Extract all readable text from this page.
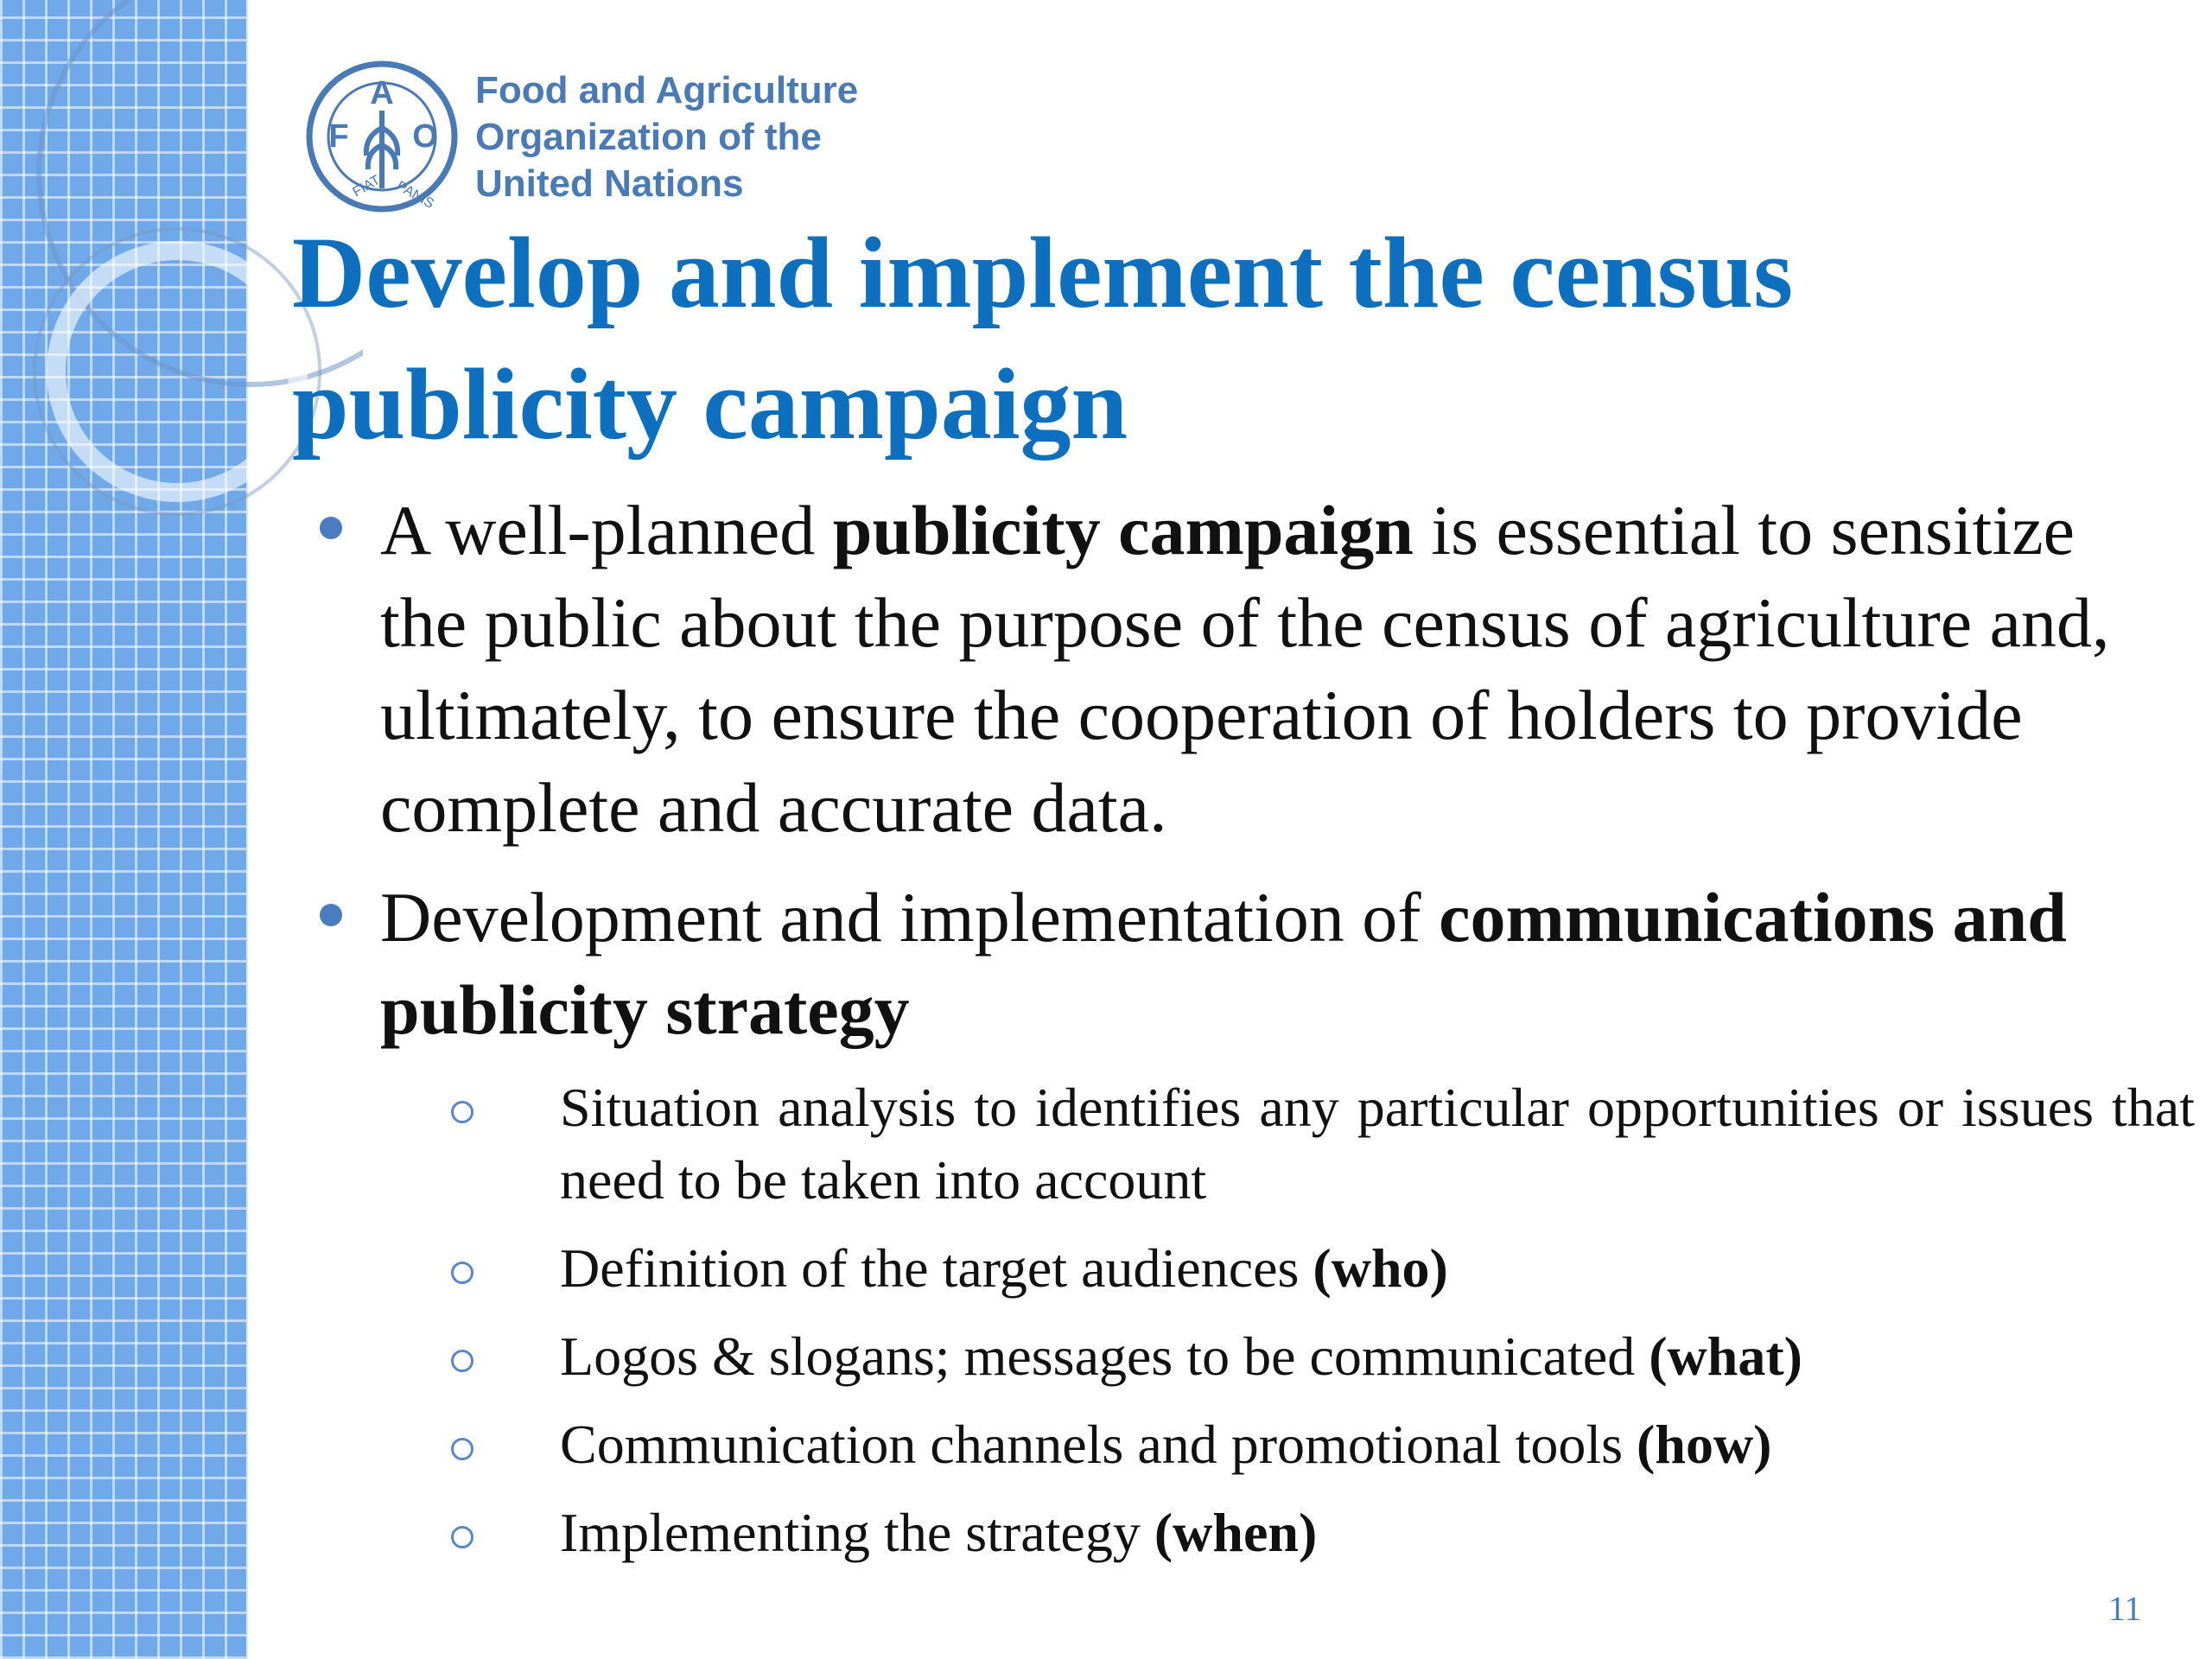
A
F O
FIAT PANIS
Food and Agriculture
Organization of the
United Nations
Develop and implement the census
publicity campaign
A well-planned publicity campaign is essential to sensitize the public about the purpose of the census of agriculture and, ultimately, to ensure the cooperation of holders to provide complete and accurate data.
Development and implementation of communications and publicity strategy
Situation analysis to identifies any particular opportunities or issues that need to be taken into account
Definition of the target audiences (who)
Logos & slogans; messages to be communicated (what)
Communication channels and promotional tools (how)
Implementing the strategy (when)
11
